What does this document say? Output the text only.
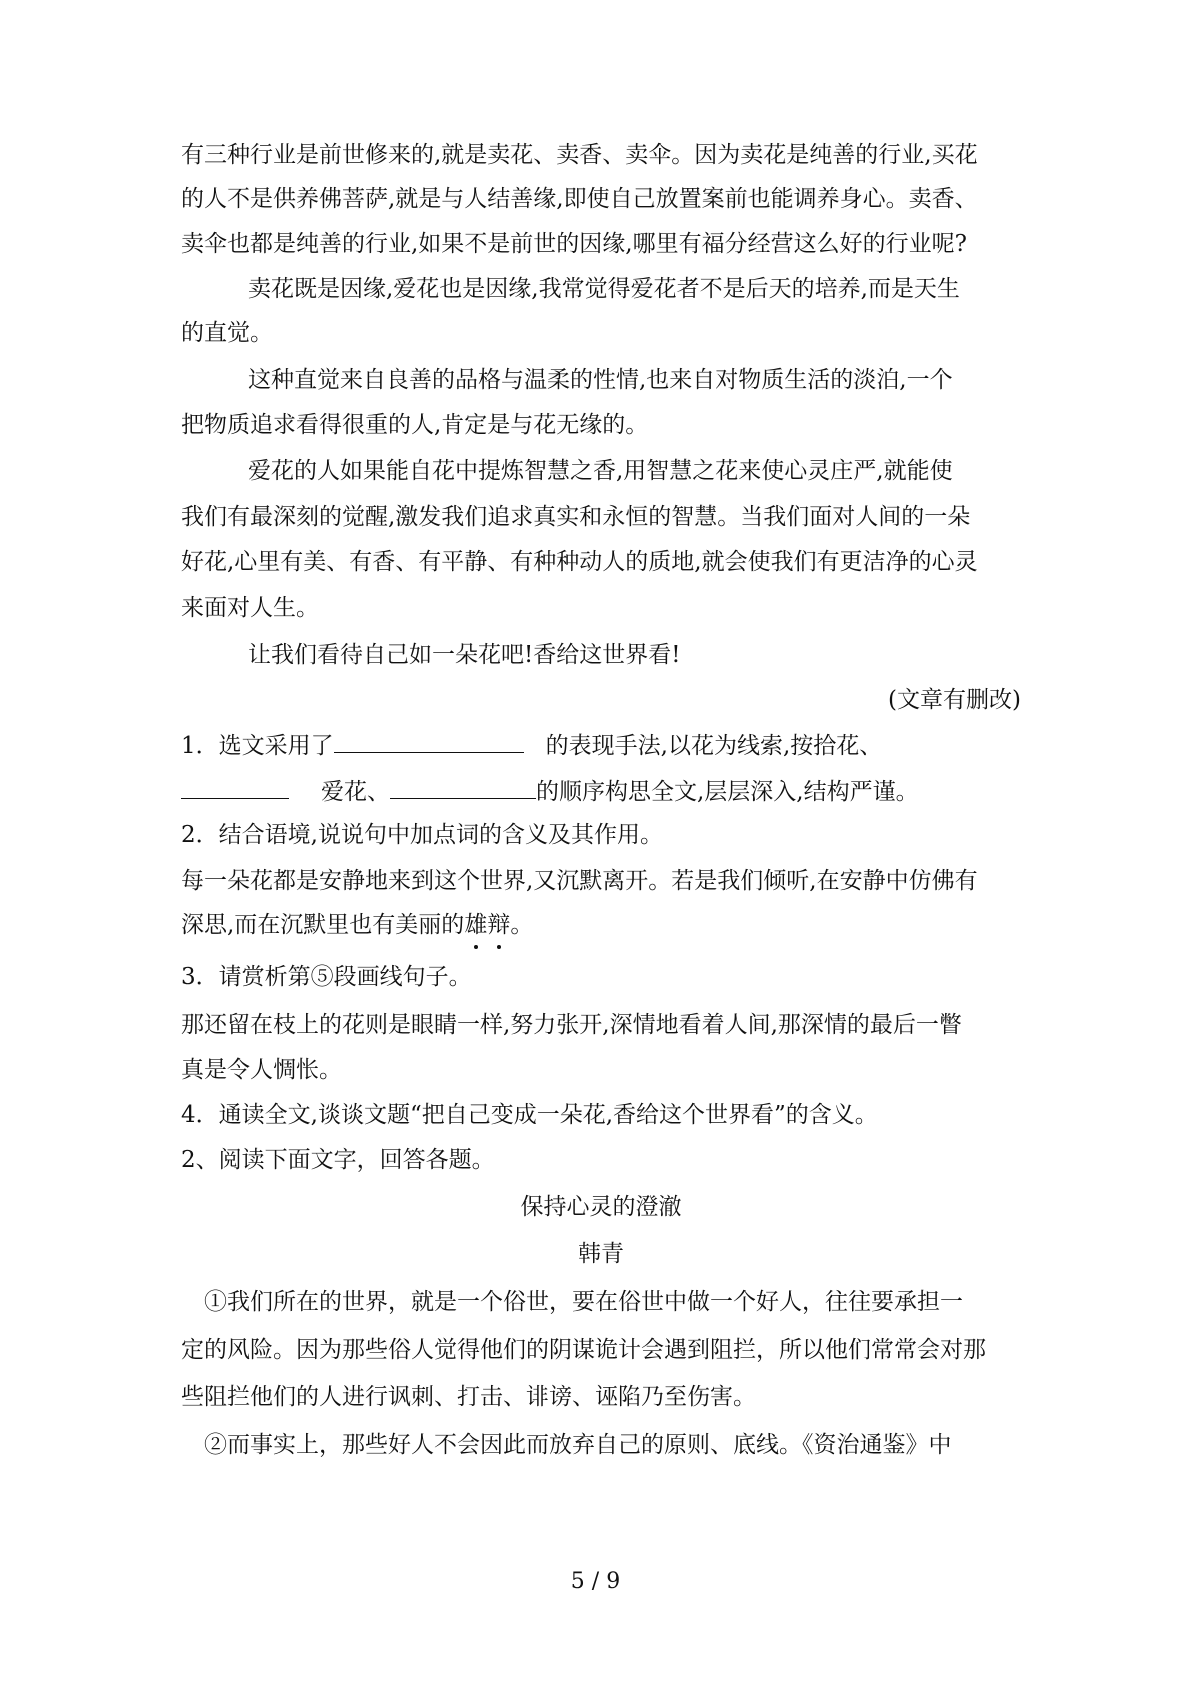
有三种行业是前世修来的,就是卖花、卖香、卖伞。因为卖花是纯善的行业,买花
的人不是供养佛菩萨,就是与人结善缘,即使自己放置案前也能调养身心。卖香、
卖伞也都是纯善的行业,如果不是前世的因缘,哪里有福分经营这么好的行业呢?
卖花既是因缘,爱花也是因缘,我常觉得爱花者不是后天的培养,而是天生
的直觉。
这种直觉来自良善的品格与温柔的性情,也来自对物质生活的淡泊,一个
把物质追求看得很重的人,肯定是与花无缘的。
爱花的人如果能自花中提炼智慧之香,用智慧之花来使心灵庄严,就能使
我们有最深刻的觉醒,激发我们追求真实和永恒的智慧。当我们面对人间的一朵
好花,心里有美、有香、有平静、有种种动人的质地,就会使我们有更洁净的心灵
来面对人生。
让我们看待自己如一朵花吧!香给这世界看!
(文章有删改)
1．选文采用了	的表现手法,以花为线索,按拾花、
爱花、	的顺序构思全文,层层深入,结构严谨。
2．结合语境,说说句中加点词的含义及其作用。
每一朵花都是安静地来到这个世界,又沉默离开。若是我们倾听,在安静中仿佛有
深思,而在沉默里也有美丽的雄辩。
3．请赏析第⑤段画线句子。
那还留在枝上的花则是眼睛一样,努力张开,深情地看着人间,那深情的最后一瞥
真是令人惆怅。
4．通读全文,谈谈文题“把自己变成一朵花,香给这个世界看”的含义。
2、阅读下面文字，回答各题。
保持心灵的澄澈
韩青
①我们所在的世界，就是一个俗世，要在俗世中做一个好人，往往要承担一
定的风险。因为那些俗人觉得他们的阴谋诡计会遇到阻拦，所以他们常常会对那
些阻拦他们的人进行讽刺、打击、诽谤、诬陷乃至伤害。
②而事实上，那些好人不会因此而放弃自己的原则、底线。《资治通鉴》中
5 / 9
